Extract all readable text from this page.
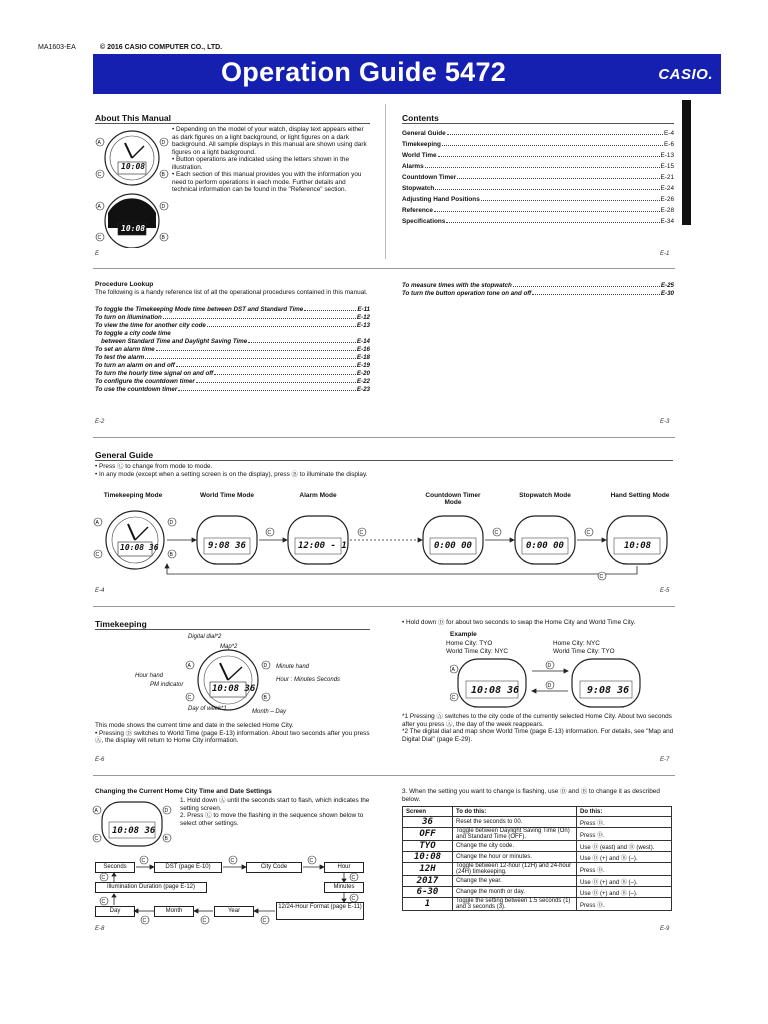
MA1603-EA	© 2016 CASIO COMPUTER CO., LTD.
Operation Guide 5472	CASIO.
About This Manual
A	D
C	B
A	D
C	B
10:08
10:08

• Depending on the model of your watch, display text appears either as dark figures on a light background, or light figures on a dark background. All sample displays in this manual are shown using dark figures on a light background.

• Button operations are indicated using the letters shown in the illustration.

• Each section of this manual provides you with the information you need to perform operations in each mode. Further details and technical information can be found in the "Reference" section.

E
Contents
General Guide	E-4
Timekeeping	E-6
World Time	E-13
Alarms	E-15
Countdown Timer	E-21
Stopwatch	E-24
Adjusting Hand Positions	E-26
Reference	E-28
Specifications	E-34
E-1
Procedure Lookup
The following is a handy reference list of all the operational procedures contained in this manual.
To toggle the Timekeeping Mode time between DST and Standard Time	E-11
To turn on illumination	E-12
To view the time for another city code	E-13
To toggle a city code time
between Standard Time and Daylight Saving Time	E-14
To set an alarm time	E-16
To test the alarm	E-18
To turn an alarm on and off	E-19
To turn the hourly time signal on and off	E-20
To configure the countdown timer	E-22
To use the countdown timer	E-23
To measure times with the stopwatch	E-25
To turn the button operation tone on and off	E-30
E-2	E-3
General Guide

• Press Ⓒ to change from mode to mode.

• In any mode (except when a setting screen is on the display), press Ⓑ to illuminate the display.

Timekeeping Mode	World Time Mode	Alarm Mode	Countdown Timer Mode
Stopwatch Mode	Hand Setting Mode
A	D
C	B
C	C	C	C
C
10:08 36	9:08 36	12:00 - 1	0:00 00	0:00 00	10:08
E-4	E-5
Timekeeping
A	D
C	B
10:08 36
Digital dial*2
Map*2
Minute hand
Hour hand
PM indicator
Hour : Minutes Seconds
Day of week*1	Month – Day

This mode shows the current time and date in the selected Home City.

• Pressing Ⓓ switches to World Time (page E-13) information. About two seconds after you press Ⓐ, the display will return to Home City information.

• Hold down Ⓓ for about two seconds to swap the Home City and World Time City.
Example

Home City: TYO

World Time City: NYC

Home City: NYC

World Time City: TYO

A
C
D
D
10:08 36	9:08 36

*1 Pressing Ⓐ switches to the city code of the currently selected Home City. About two seconds after you press Ⓐ, the day of the week reappears.

*2 The digital dial and map show World Time (page E-13) information. For details, see "Map and Digital Dial" (page E-29).

E-6	E-7
Changing the Current Home City Time and Date Settings
A	D
C	B
10:08 36

1. Hold down Ⓐ until the seconds start to flash, which indicates the setting screen.

2. Press Ⓒ to move the flashing in the sequence shown below to select other settings.

Seconds	DST (page E-10)	City Code	Hour
Illumination Duration (page E-12)	Minutes
Day	Month	Year
12/24-Hour Format (page E-11)
C	C	C
C
C
C
C
C
C
C
3. When the setting you want to change is flashing, use Ⓓ and Ⓑ to change it as described below.
Screen	To do this:	Do this:
36	Reset the seconds to 00.	Press Ⓓ.
OFF	Toggle between Daylight Saving Time (On) and Standard Time (OFF).	Press Ⓓ.
TYO	Change the city code.	Use Ⓓ (east) and Ⓑ (west).
10:08	Change the hour or minutes.	Use Ⓓ (+) and Ⓑ (–).
12H	Toggle between 12-hour (12H) and 24-hour (24H) timekeeping.	Press Ⓓ.
2017	Change the year.	Use Ⓓ (+) and Ⓑ (–).
6-30	Change the month or day.	Use Ⓓ (+) and Ⓑ (–).
1	Toggle the setting between 1.5 seconds (1) and 3 seconds (3).	Press Ⓓ.
E-8	E-9
